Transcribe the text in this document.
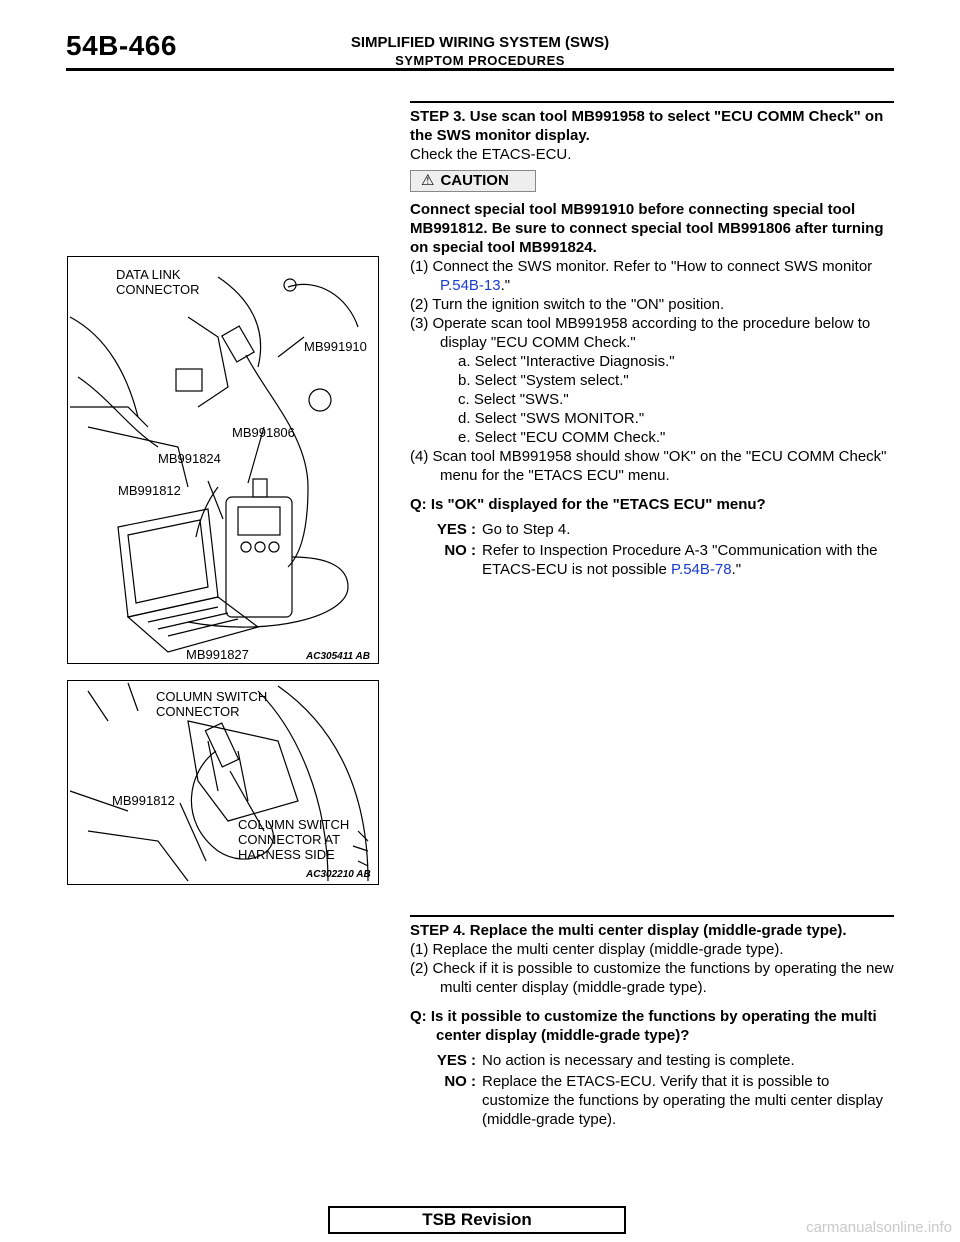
54B-466	SIMPLIFIED WIRING SYSTEM (SWS)
SYMPTOM PROCEDURES
STEP 3. Use scan tool MB991958 to select "ECU COMM Check" on the SWS monitor display.
Check the ETACS-ECU.
⚠ CAUTION
Connect special tool MB991910 before connecting special tool MB991812. Be sure to connect special tool MB991806 after turning on special tool MB991824.
(1) Connect the SWS monitor. Refer to "How to connect SWS monitor P.54B-13."
(2) Turn the ignition switch to the "ON" position.
(3) Operate scan tool MB991958 according to the procedure below to display "ECU COMM Check."
a. Select "Interactive Diagnosis."
b. Select "System select."
c. Select "SWS."
d. Select "SWS MONITOR."
e. Select "ECU COMM Check."
(4) Scan tool MB991958 should show "OK" on the "ECU COMM Check" menu for the "ETACS ECU" menu.
Q: Is "OK" displayed for the "ETACS ECU" menu?
YES : Go to Step 4.
NO : Refer to Inspection Procedure A-3 "Communication with the ETACS-ECU is not possible P.54B-78."
STEP 4. Replace the multi center display (middle-grade type).
(1) Replace the multi center display (middle-grade type).
(2) Check if it is possible to customize the functions by operating the new multi center display (middle-grade type).
Q: Is it possible to customize the functions by operating the multi center display (middle-grade type)?
YES : No action is necessary and testing is complete.
NO : Replace the ETACS-ECU. Verify that it is possible to customize the functions by operating the multi center display (middle-grade type).
DATA LINK
CONNECTOR
MB991910
MB991806
MB991824
MB991812
MB991827	AC305411 AB
COLUMN SWITCH
CONNECTOR
MB991812
COLUMN SWITCH
CONNECTOR AT
HARNESS SIDE
AC302210 AB
TSB Revision	carmanualsonline.info
